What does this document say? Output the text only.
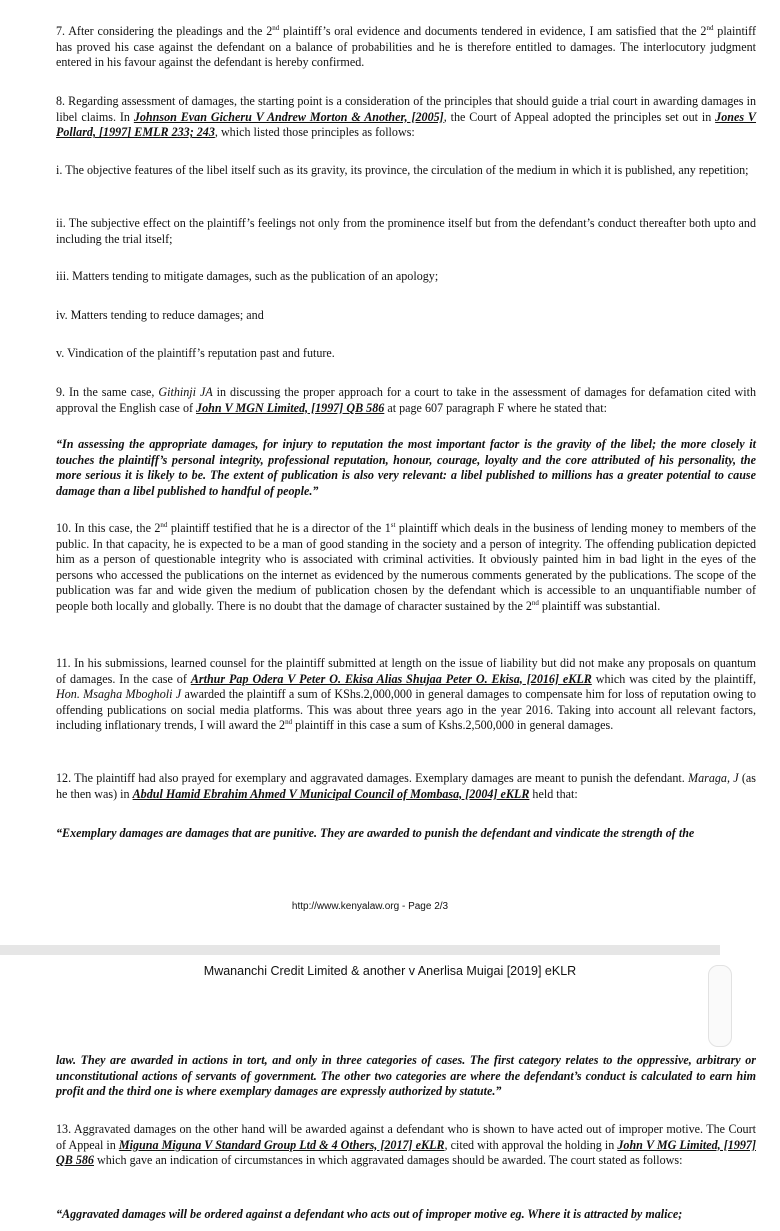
7. After considering the pleadings and the 2nd plaintiff’s oral evidence and documents tendered in evidence, I am satisfied that the 2nd plaintiff has proved his case against the defendant on a balance of probabilities and he is therefore entitled to damages. The interlocutory judgment entered in his favour against the defendant is hereby confirmed.

8. Regarding assessment of damages, the starting point is a consideration of the principles that should guide a trial court in awarding damages in libel claims. In Johnson Evan Gicheru V Andrew Morton & Another, [2005], the Court of Appeal adopted the principles set out in Jones V Pollard, [1997] EMLR 233; 243, which listed those principles as follows:

i. The objective features of the libel itself such as its gravity, its province, the circulation of the medium in which it is published, any repetition;

ii. The subjective effect on the plaintiff’s feelings not only from the prominence itself but from the defendant’s conduct thereafter both upto and including the trial itself;

iii. Matters tending to mitigate damages, such as the publication of an apology;

iv. Matters tending to reduce damages; and

v. Vindication of the plaintiff’s reputation past and future.

9. In the same case, Githinji JA in discussing the proper approach for a court to take in the assessment of damages for defamation cited with approval the English case of John V MGN Limited, [1997] QB 586 at page 607 paragraph F where he stated that:

“In assessing the appropriate damages, for injury to reputation the most important factor is the gravity of the libel; the more closely it touches the plaintiff’s personal integrity, professional reputation, honour, courage, loyalty and the core attributed of his personality, the more serious it is likely to be. The extent of publication is also very relevant: a libel published to millions has a greater potential to cause damage than a libel published to handful of people.”

10. In this case, the 2nd plaintiff testified that he is a director of the 1st plaintiff which deals in the business of lending money to members of the public. In that capacity, he is expected to be a man of good standing in the society and a person of integrity. The offending publication depicted him as a person of questionable integrity who is associated with criminal activities. It obviously painted him in bad light in the eyes of the persons who accessed the publications on the internet as evidenced by the numerous comments generated by the publications. The scope of the publication was far and wide given the medium of publication chosen by the defendant which is accessible to an unquantifiable number of people both locally and globally. There is no doubt that the damage of character sustained by the 2nd plaintiff was substantial.

11. In his submissions, learned counsel for the plaintiff submitted at length on the issue of liability but did not make any proposals on quantum of damages. In the case of Arthur Pap Odera V Peter O. Ekisa Alias Shujaa Peter O. Ekisa, [2016] eKLR which was cited by the plaintiff, Hon. Msagha Mbogholi J awarded the plaintiff a sum of KShs.2,000,000 in general damages to compensate him for loss of reputation owing to offending publications on social media platforms. This was about three years ago in the year 2016. Taking into account all relevant factors, including inflationary trends, I will award the 2nd plaintiff in this case a sum of Kshs.2,500,000 in general damages.

12. The plaintiff had also prayed for exemplary and aggravated damages. Exemplary damages are meant to punish the defendant. Maraga, J (as he then was) in Abdul Hamid Ebrahim Ahmed V Municipal Council of Mombasa, [2004] eKLR held that:

“Exemplary damages are damages that are punitive. They are awarded to punish the defendant and vindicate the strength of the

http://www.kenyalaw.org - Page 2/3
Mwananchi Credit Limited & another v Anerlisa Muigai [2019] eKLR

law. They are awarded in actions in tort, and only in three categories of cases. The first category relates to the oppressive, arbitrary or unconstitutional actions of servants of government. The other two categories are where the defendant’s conduct is calculated to earn him profit and the third one is where exemplary damages are expressly authorized by statute.”

13. Aggravated damages on the other hand will be awarded against a defendant who is shown to have acted out of improper motive. The Court of Appeal in Miguna Miguna V Standard Group Ltd & 4 Others, [2017] eKLR, cited with approval the holding in John V MG Limited, [1997] QB 586 which gave an indication of circumstances in which aggravated damages should be awarded. The court stated as follows:

“Aggravated damages will be ordered against a defendant who acts out of improper motive eg. Where it is attracted by malice;
